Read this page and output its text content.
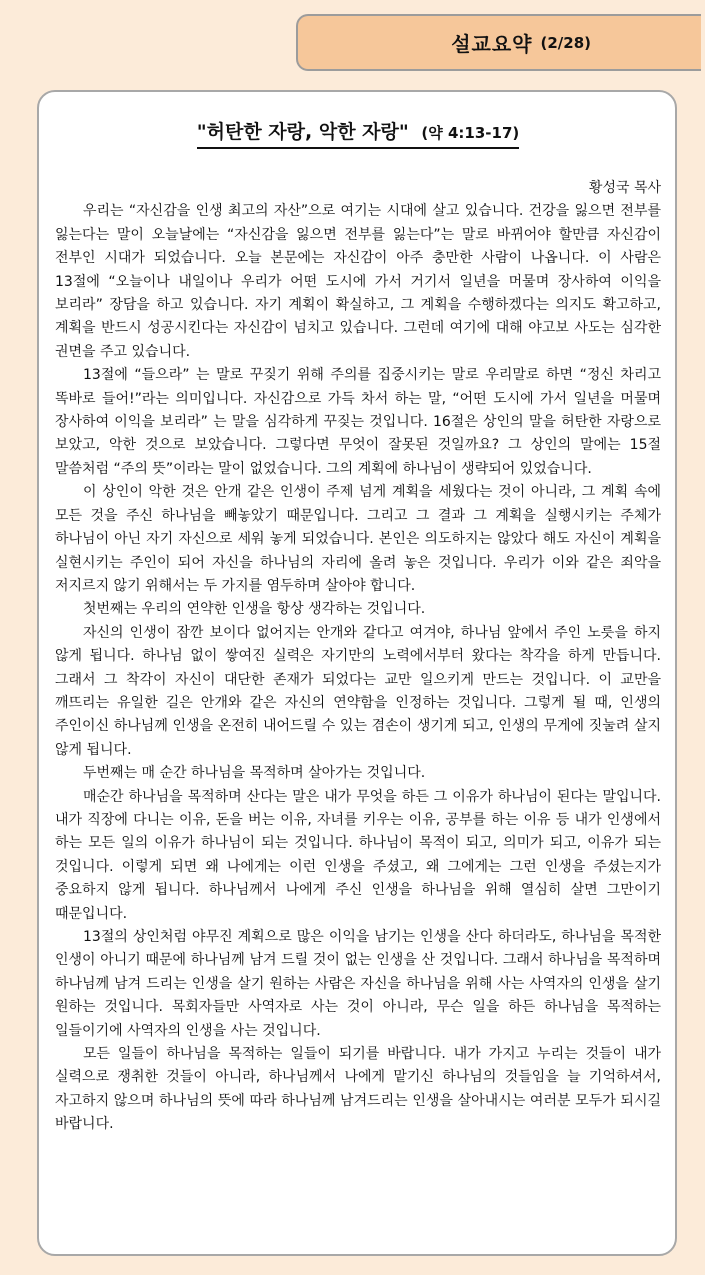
설교요약 (2/28)
"허탄한 자랑, 악한 자랑" (약 4:13-17)
황성국 목사

우리는 “자신감을 인생 최고의 자산”으로 여기는 시대에 살고 있습니다. 건강을 잃으면 전부를 잃는다는 말이 오늘날에는 “자신감을 잃으면 전부를 잃는다”는 말로 바뀌어야 할만큼 자신감이 전부인 시대가 되었습니다. 오늘 본문에는 자신감이 아주 충만한 사람이 나옵니다. 이 사람은 13절에 “오늘이나 내일이나 우리가 어떤 도시에 가서 거기서 일년을 머물며 장사하여 이익을 보리라” 장담을 하고 있습니다. 자기 계획이 확실하고, 그 계획을 수행하겠다는 의지도 확고하고, 계획을 반드시 성공시킨다는 자신감이 넘치고 있습니다. 그런데 여기에 대해 야고보 사도는 심각한 권면을 주고 있습니다.

13절에 “들으라” 는 말로 꾸짖기 위해 주의를 집중시키는 말로 우리말로 하면 “정신 차리고 똑바로 들어!”라는 의미입니다. 자신감으로 가득 차서 하는 말, “어떤 도시에 가서 일년을 머물며 장사하여 이익을 보리라” 는 말을 심각하게 꾸짖는 것입니다. 16절은 상인의 말을 허탄한 자랑으로 보았고, 악한 것으로 보았습니다. 그렇다면 무엇이 잘못된 것일까요? 그 상인의 말에는 15절 말씀처럼 “주의 뜻”이라는 말이 없었습니다. 그의 계획에 하나님이 생략되어 있었습니다.

이 상인이 악한 것은 안개 같은 인생이 주제 넘게 계획을 세웠다는 것이 아니라, 그 계획 속에 모든 것을 주신 하나님을 빼놓았기 때문입니다. 그리고 그 결과 그 계획을 실행시키는 주체가 하나님이 아닌 자기 자신으로 세워 놓게 되었습니다. 본인은 의도하지는 않았다 해도 자신이 계획을 실현시키는 주인이 되어 자신을 하나님의 자리에 올려 놓은 것입니다. 우리가 이와 같은 죄악을 저지르지 않기 위해서는 두 가지를 염두하며 살아야 합니다.

첫번째는 우리의 연약한 인생을 항상 생각하는 것입니다.

자신의 인생이 잠깐 보이다 없어지는 안개와 같다고 여겨야, 하나님 앞에서 주인 노릇을 하지 않게 됩니다. 하나님 없이 쌓여진 실력은 자기만의 노력에서부터 왔다는 착각을 하게 만듭니다. 그래서 그 착각이 자신이 대단한 존재가 되었다는 교만 일으키게 만드는 것입니다. 이 교만을 깨뜨리는 유일한 길은 안개와 같은 자신의 연약함을 인정하는 것입니다. 그렇게 될 때, 인생의 주인이신 하나님께 인생을 온전히 내어드릴 수 있는 겸손이 생기게 되고, 인생의 무게에 짓눌려 살지 않게 됩니다.

두번째는 매 순간 하나님을 목적하며 살아가는 것입니다.

매순간 하나님을 목적하며 산다는 말은 내가 무엇을 하든 그 이유가 하나님이 된다는 말입니다. 내가 직장에 다니는 이유, 돈을 버는 이유, 자녀를 키우는 이유, 공부를 하는 이유 등 내가 인생에서 하는 모든 일의 이유가 하나님이 되는 것입니다. 하나님이 목적이 되고, 의미가 되고, 이유가 되는 것입니다. 이렇게 되면 왜 나에게는 이런 인생을 주셨고, 왜 그에게는 그런 인생을 주셨는지가 중요하지 않게 됩니다. 하나님께서 나에게 주신 인생을 하나님을 위해 열심히 살면 그만이기 때문입니다.

13절의 상인처럼 야무진 계획으로 많은 이익을 남기는 인생을 산다 하더라도, 하나님을 목적한 인생이 아니기 때문에 하나님께 남겨 드릴 것이 없는 인생을 산 것입니다. 그래서 하나님을 목적하며 하나님께 남겨 드리는 인생을 살기 원하는 사람은 자신을 하나님을 위해 사는 사역자의 인생을 살기 원하는 것입니다. 목회자들만 사역자로 사는 것이 아니라, 무슨 일을 하든 하나님을 목적하는 일들이기에 사역자의 인생을 사는 것입니다.

모든 일들이 하나님을 목적하는 일들이 되기를 바랍니다. 내가 가지고 누리는 것들이 내가 실력으로 쟁취한 것들이 아니라, 하나님께서 나에게 맡기신 하나님의 것들임을 늘 기억하셔서, 자고하지 않으며 하나님의 뜻에 따라 하나님께 남겨드리는 인생을 살아내시는 여러분 모두가 되시길 바랍니다.
